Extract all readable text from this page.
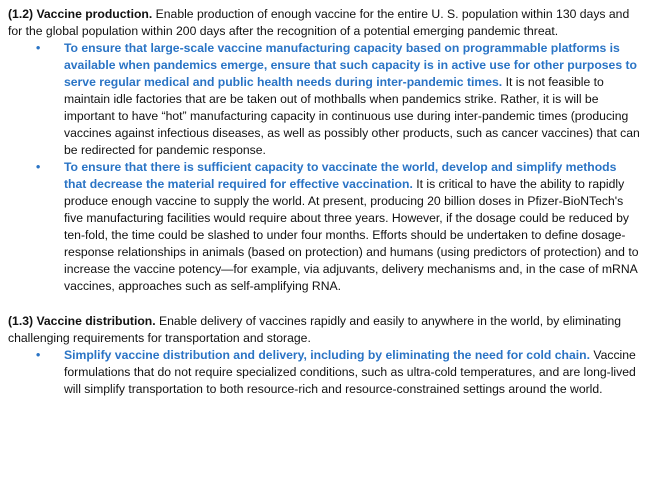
(1.2) Vaccine production. Enable production of enough vaccine for the entire U. S. population within 130 days and for the global population within 200 days after the recognition of a potential emerging pandemic threat.

• To ensure that large-scale vaccine manufacturing capacity based on programmable platforms is available when pandemics emerge, ensure that such capacity is in active use for other purposes to serve regular medical and public health needs during inter-pandemic times. It is not feasible to maintain idle factories that are be taken out of mothballs when pandemics strike. Rather, it is will be important to have “hot” manufacturing capacity in continuous use during inter-pandemic times (producing vaccines against infectious diseases, as well as possibly other products, such as cancer vaccines) that can be redirected for pandemic response.
• To ensure that there is sufficient capacity to vaccinate the world, develop and simplify methods that decrease the material required for effective vaccination. It is critical to have the ability to rapidly produce enough vaccine to supply the world. At present, producing 20 billion doses in Pfizer-BioNTech's five manufacturing facilities would require about three years. However, if the dosage could be reduced by ten-fold, the time could be slashed to under four months. Efforts should be undertaken to define dosage-response relationships in animals (based on protection) and humans (using predictors of protection) and to increase the vaccine potency—for example, via adjuvants, delivery mechanisms and, in the case of mRNA vaccines, approaches such as self-amplifying RNA.

(1.3) Vaccine distribution. Enable delivery of vaccines rapidly and easily to anywhere in the world, by eliminating challenging requirements for transportation and storage.

• Simplify vaccine distribution and delivery, including by eliminating the need for cold chain. Vaccine formulations that do not require specialized conditions, such as ultra-cold temperatures, and are long-lived will simplify transportation to both resource-rich and resource-constrained settings around the world.
